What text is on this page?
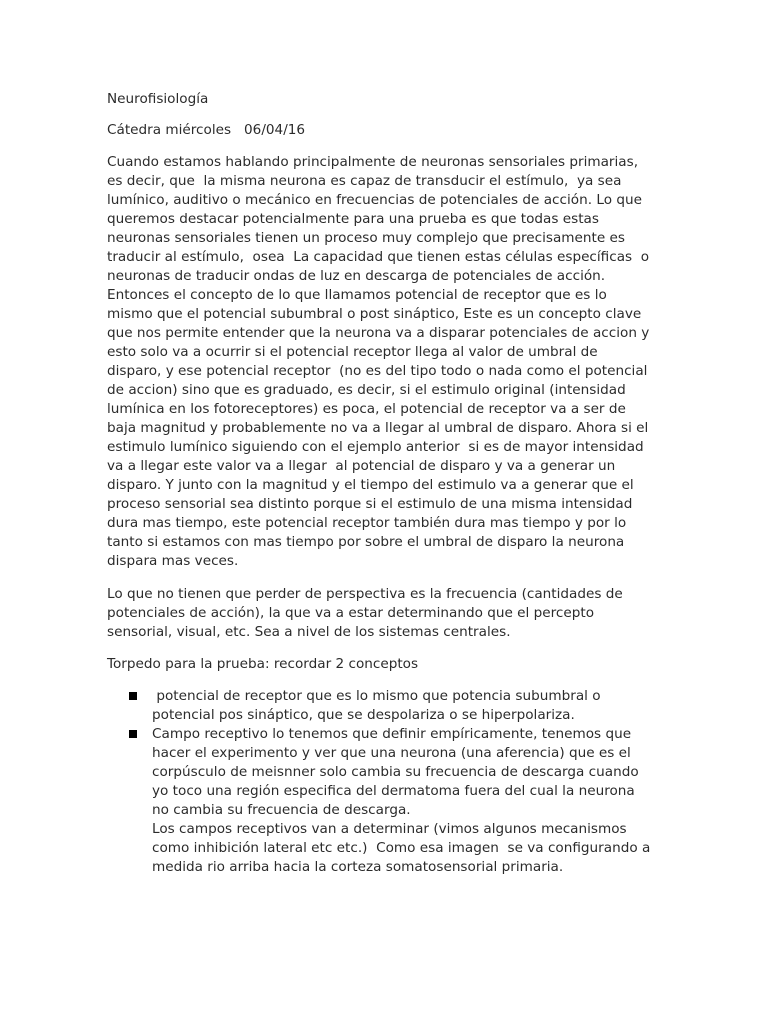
Neurofisiología
Cátedra miércoles   06/04/16

Cuando estamos hablando principalmente de neuronas sensoriales primarias,
es decir, que  la misma neurona es capaz de transducir el estímulo,  ya sea
lumínico, auditivo o mecánico en frecuencias de potenciales de acción. Lo que
queremos destacar potencialmente para una prueba es que todas estas
neuronas sensoriales tienen un proceso muy complejo que precisamente es
traducir al estímulo,  osea  La capacidad que tienen estas células específicas  o
neuronas de traducir ondas de luz en descarga de potenciales de acción.
Entonces el concepto de lo que llamamos potencial de receptor que es lo
mismo que el potencial subumbral o post sináptico, Este es un concepto clave
que nos permite entender que la neurona va a disparar potenciales de accion y
esto solo va a ocurrir si el potencial receptor llega al valor de umbral de
disparo, y ese potencial receptor  (no es del tipo todo o nada como el potencial
de accion) sino que es graduado, es decir, si el estimulo original (intensidad
lumínica en los fotoreceptores) es poca, el potencial de receptor va a ser de
baja magnitud y probablemente no va a llegar al umbral de disparo. Ahora si el
estimulo lumínico siguiendo con el ejemplo anterior  si es de mayor intensidad
va a llegar este valor va a llegar  al potencial de disparo y va a generar un
disparo. Y junto con la magnitud y el tiempo del estimulo va a generar que el
proceso sensorial sea distinto porque si el estimulo de una misma intensidad
dura mas tiempo, este potencial receptor también dura mas tiempo y por lo
tanto si estamos con mas tiempo por sobre el umbral de disparo la neurona
dispara mas veces.

Lo que no tienen que perder de perspectiva es la frecuencia (cantidades de
potenciales de acción), la que va a estar determinando que el percepto
sensorial, visual, etc. Sea a nivel de los sistemas centrales.

Torpedo para la prueba: recordar 2 conceptos
potencial de receptor que es lo mismo que potencia subumbral o
potencial pos sináptico, que se despolariza o se hiperpolariza.
Campo receptivo lo tenemos que definir empíricamente, tenemos que
hacer el experimento y ver que una neurona (una aferencia) que es el
corpúsculo de meisnner solo cambia su frecuencia de descarga cuando
yo toco una región especifica del dermatoma fuera del cual la neurona
no cambia su frecuencia de descarga.
Los campos receptivos van a determinar (vimos algunos mecanismos
como inhibición lateral etc etc.)  Como esa imagen  se va configurando a
medida rio arriba hacia la corteza somatosensorial primaria.
